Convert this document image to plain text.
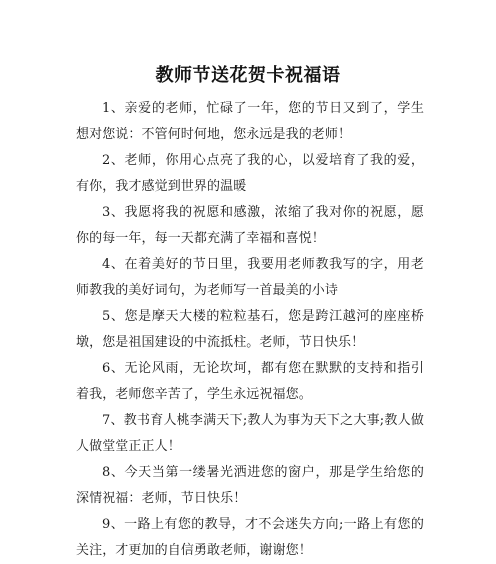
教师节送花贺卡祝福语

1、亲爱的老师，忙碌了一年，您的节日又到了，学生想对您说：不管何时何地，您永远是我的老师！

2、老师，你用心点亮了我的心，以爱培育了我的爱，有你，我才感觉到世界的温暖

3、我愿将我的祝愿和感激，浓缩了我对你的祝愿，愿你的每一年，每一天都充满了幸福和喜悦！

4、在着美好的节日里，我要用老师教我写的字，用老师教我的美好词句，为老师写一首最美的小诗

5、您是摩天大楼的粒粒基石，您是跨江越河的座座桥墩，您是祖国建设的中流抵柱。老师，节日快乐！

6、无论风雨，无论坎坷，都有您在默默的支持和指引着我，老师您辛苦了，学生永远祝福您。

7、教书育人桃李满天下;教人为事为天下之大事;教人做人做堂堂正正人！

8、今天当第一缕暑光洒进您的窗户，那是学生给您的深情祝福：老师，节日快乐！

9、一路上有您的教导，才不会迷失方向;一路上有您的关注，才更加的自信勇敢老师，谢谢您！
